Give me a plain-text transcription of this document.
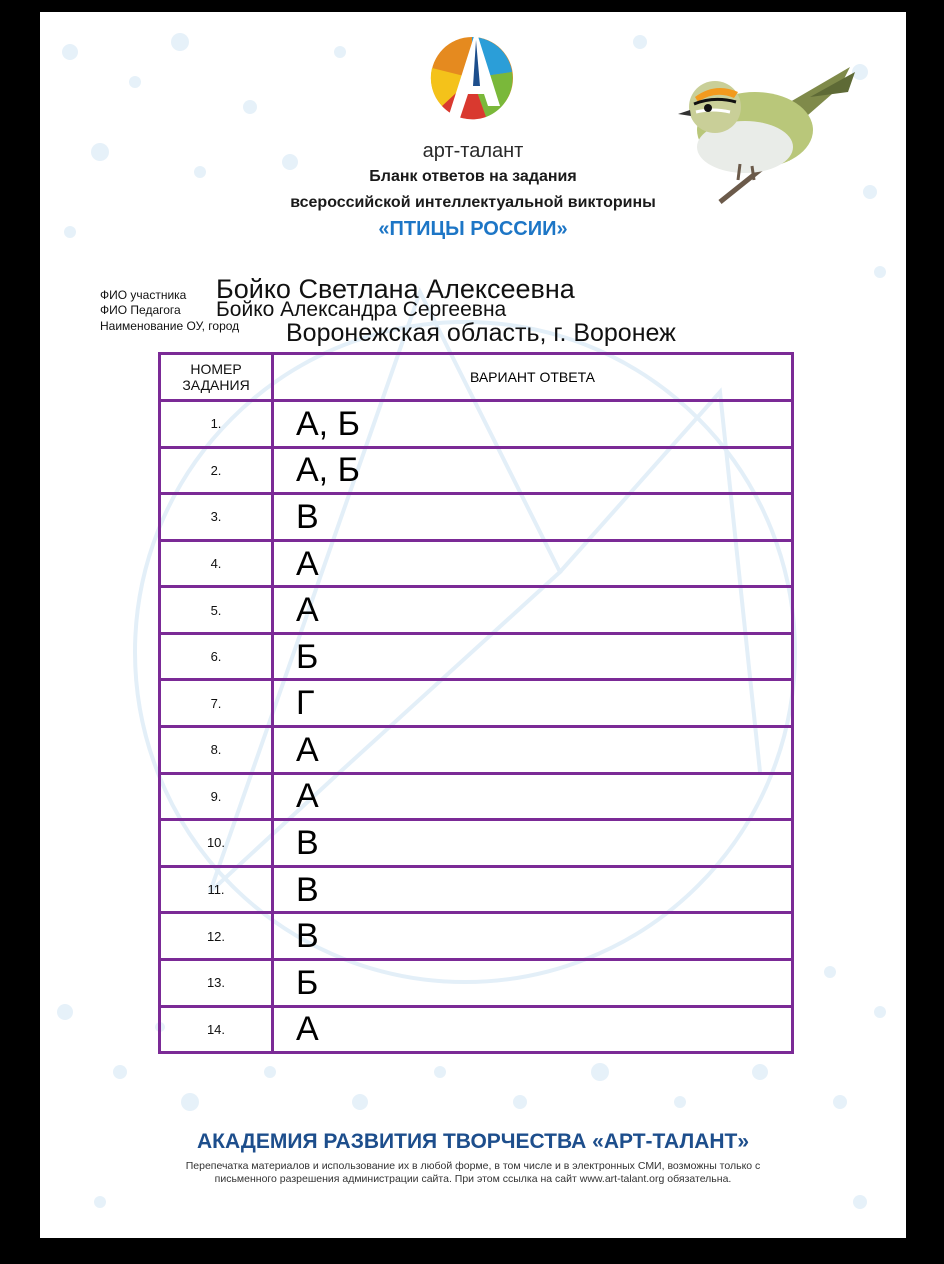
арт-талант
Бланк ответов на задания
всероссийской интеллектуальной викторины
«ПТИЦЫ РОССИИ»
ФИО участника Бойко Светлана Алексеевна
ФИО Педагога Бойко Александра Сергеевна
Наименование ОУ, город Воронежская область, г. Воронеж
НОМЕР ЗАДАНИЯ	ВАРИАНТ ОТВЕТА
1.	А, Б
2.	А, Б
3.	В
4.	А
5.	А
6.	Б
7.	Г
8.	А
9.	А
10.	В
11.	В
12.	В
13.	Б
14.	А
АКАДЕМИЯ РАЗВИТИЯ ТВОРЧЕСТВА «АРТ-ТАЛАНТ»
Перепечатка материалов и использование их в любой форме, в том числе и в электронных СМИ, возможны только с
письменного разрешения администрации сайта. При этом ссылка на сайт www.art-talant.org обязательна.
